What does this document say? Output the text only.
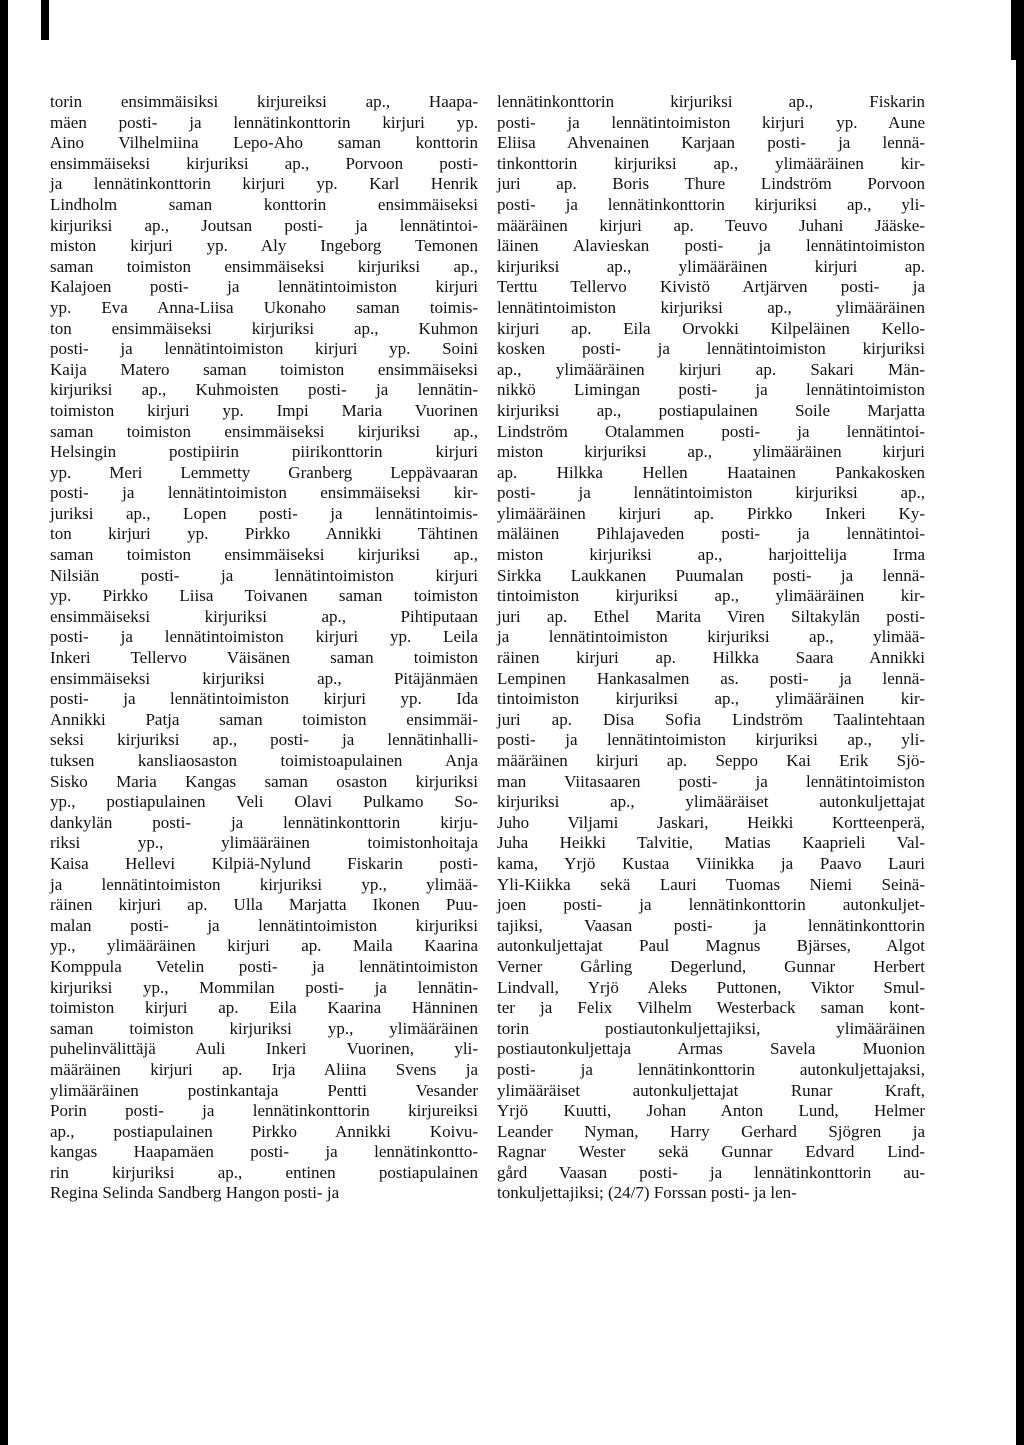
torin ensimmäisiksi kirjureiksi ap., Haapa-
mäen posti- ja lennätinkonttorin kirjuri yp.
Aino Vilhelmiina Lepo-Aho saman konttorin
ensimmäiseksi kirjuriksi ap., Porvoon posti-
ja lennätinkonttorin kirjuri yp. Karl Henrik
Lindholm saman konttorin ensimmäiseksi
kirjuriksi ap., Joutsan posti- ja lennätintoi-
miston kirjuri yp. Aly Ingeborg Temonen
saman toimiston ensimmäiseksi kirjuriksi ap.,
Kalajoen posti- ja lennätintoimiston kirjuri
yp. Eva Anna-Liisa Ukonaho saman toimis-
ton ensimmäiseksi kirjuriksi ap., Kuhmon
posti- ja lennätintoimiston kirjuri yp. Soini
Kaija Matero saman toimiston ensimmäiseksi
kirjuriksi ap., Kuhmoisten posti- ja lennätin-
toimiston kirjuri yp. Impi Maria Vuorinen
saman toimiston ensimmäiseksi kirjuriksi ap.,
Helsingin postipiirin piirikonttorin kirjuri
yp. Meri Lemmetty Granberg Leppävaaran
posti- ja lennätintoimiston ensimmäiseksi kir-
juriksi ap., Lopen posti- ja lennätintoimis-
ton kirjuri yp. Pirkko Annikki Tähtinen
saman toimiston ensimmäiseksi kirjuriksi ap.,
Nilsiän posti- ja lennätintoimiston kirjuri
yp. Pirkko Liisa Toivanen saman toimiston
ensimmäiseksi kirjuriksi ap., Pihtiputaan
posti- ja lennätintoimiston kirjuri yp. Leila
Inkeri Tellervo Väisänen saman toimiston
ensimmäiseksi kirjuriksi ap., Pitäjänmäen
posti- ja lennätintoimiston kirjuri yp. Ida
Annikki Patja saman toimiston ensimmäi-
seksi kirjuriksi ap., posti- ja lennätinhalli-
tuksen kansliaosaston toimistoapulainen Anja
Sisko Maria Kangas saman osaston kirjuriksi
yp., postiapulainen Veli Olavi Pulkamo So-
dankylän posti- ja lennätinkonttorin kirju-
riksi yp., ylimääräinen toimistonhoitaja
Kaisa Hellevi Kilpiä-Nylund Fiskarin posti-
ja lennätintoimiston kirjuriksi yp., ylimää-
räinen kirjuri ap. Ulla Marjatta Ikonen Puu-
malan posti- ja lennätintoimiston kirjuriksi
yp., ylimääräinen kirjuri ap. Maila Kaarina
Komppula Vetelin posti- ja lennätintoimiston
kirjuriksi yp., Mommilan posti- ja lennätin-
toimiston kirjuri ap. Eila Kaarina Hänninen
saman toimiston kirjuriksi yp., ylimääräinen
puhelinvälittäjä Auli Inkeri Vuorinen, yli-
määräinen kirjuri ap. Irja Aliina Svens ja
ylimääräinen postinkantaja Pentti Vesander
Porin posti- ja lennätinkonttorin kirjureiksi
ap., postiapulainen Pirkko Annikki Koivu-
kangas Haapamäen posti- ja lennätinkontto-
rin kirjuriksi ap., entinen postiapulainen
Regina Selinda Sandberg Hangon posti- ja
lennätinkonttorin kirjuriksi ap., Fiskarin
posti- ja lennätintoimiston kirjuri yp. Aune
Eliisa Ahvenainen Karjaan posti- ja lennä-
tinkonttorin kirjuriksi ap., ylimääräinen kir-
juri ap. Boris Thure Lindström Porvoon
posti- ja lennätinkonttorin kirjuriksi ap., yli-
määräinen kirjuri ap. Teuvo Juhani Jääske-
läinen Alavieskan posti- ja lennätintoimiston
kirjuriksi ap., ylimääräinen kirjuri ap.
Terttu Tellervo Kivistö Artjärven posti- ja
lennätintoimiston kirjuriksi ap., ylimääräinen
kirjuri ap. Eila Orvokki Kilpeläinen Kello-
kosken posti- ja lennätintoimiston kirjuriksi
ap., ylimääräinen kirjuri ap. Sakari Män-
nikkö Limingan posti- ja lennätintoimiston
kirjuriksi ap., postiapulainen Soile Marjatta
Lindström Otalammen posti- ja lennätintoi-
miston kirjuriksi ap., ylimääräinen kirjuri
ap. Hilkka Hellen Haatainen Pankakosken
posti- ja lennätintoimiston kirjuriksi ap.,
ylimääräinen kirjuri ap. Pirkko Inkeri Ky-
mäläinen Pihlajaveden posti- ja lennätintoi-
miston kirjuriksi ap., harjoittelija Irma
Sirkka Laukkanen Puumalan posti- ja lennä-
tintoimiston kirjuriksi ap., ylimääräinen kir-
juri ap. Ethel Marita Viren Siltakylän posti-
ja lennätintoimiston kirjuriksi ap., ylimää-
räinen kirjuri ap. Hilkka Saara Annikki
Lempinen Hankasalmen as. posti- ja lennä-
tintoimiston kirjuriksi ap., ylimääräinen kir-
juri ap. Disa Sofia Lindström Taalintehtaan
posti- ja lennätintoimiston kirjuriksi ap., yli-
määräinen kirjuri ap. Seppo Kai Erik Sjö-
man Viitasaaren posti- ja lennätintoimiston
kirjuriksi ap., ylimääräiset autonkuljettajat
Juho Viljami Jaskari, Heikki Kortteenperä,
Juha Heikki Talvitie, Matias Kaaprieli Val-
kama, Yrjö Kustaa Viinikka ja Paavo Lauri
Yli-Kiikka sekä Lauri Tuomas Niemi Seinä-
joen posti- ja lennätinkonttorin autonkuljet-
tajiksi, Vaasan posti- ja lennätinkonttorin
autonkuljettajat Paul Magnus Bjärses, Algot
Verner Gårling Degerlund, Gunnar Herbert
Lindvall, Yrjö Aleks Puttonen, Viktor Smul-
ter ja Felix Vilhelm Westerback saman kont-
torin postiautonkuljettajiksi, ylimääräinen
postiautonkuljettaja Armas Savela Muonion
posti- ja lennätinkonttorin autonkuljettajaksi,
ylimääräiset autonkuljettajat Runar Kraft,
Yrjö Kuutti, Johan Anton Lund, Helmer
Leander Nyman, Harry Gerhard Sjögren ja
Ragnar Wester sekä Gunnar Edvard Lind-
gård Vaasan posti- ja lennätinkonttorin au-
tonkuljettajiksi; (24/7) Forssan posti- ja len-
